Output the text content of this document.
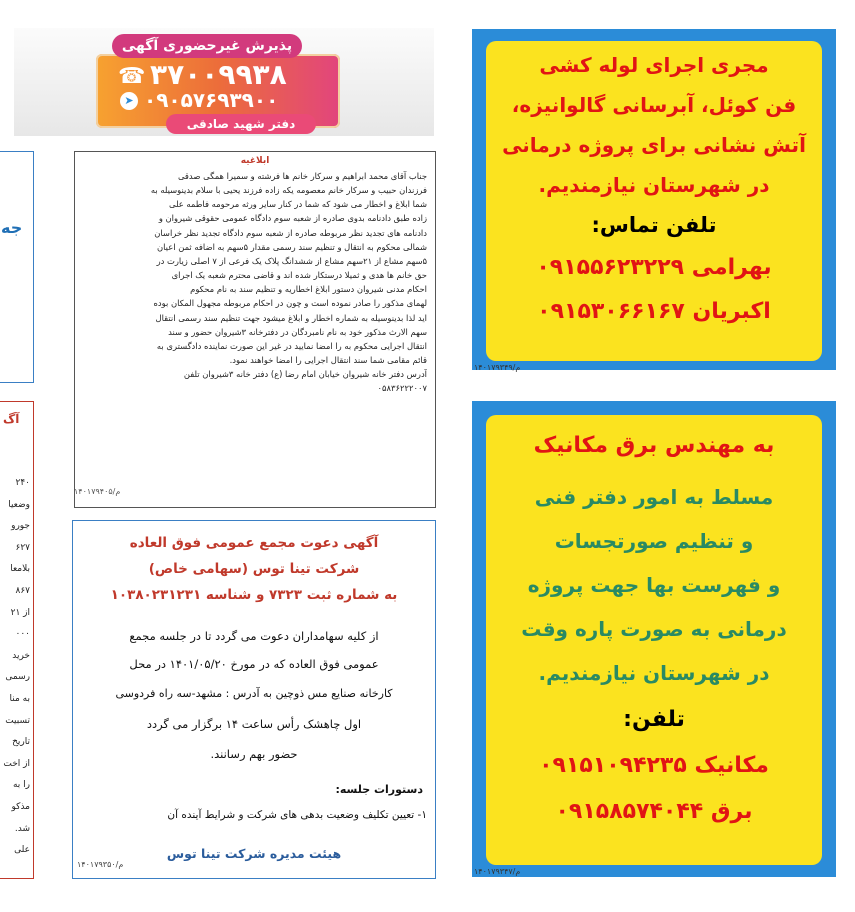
جه
آگ
۲۴۰
وضعیا
جورو
۶۲۷
بلامعا
۸۶۷
از ۲۱
۰۰۰
خرید
رسمی
به منا
تسبیت
تاریخ
از اخت
را به
مذکو
شد.
علی
پذیرش غیرحضوری آگهی
☎ ۳۷۰۰۹۹۳۸
➤ ۰۹۰۵۷۶۹۳۹۰۰
دفتر شهید صادقی
ابلاغیه
جناب آقای محمد ابراهیم و سرکار خانم ها فرشته و سمیرا همگی صدقی
فرزندان حبیب و سرکار خانم معصومه یکه زاده فرزند یحیی با سلام بدینوسیله به
شما ابلاغ و اخطار می شود که شما در کنار سایر ورثه مرحومه فاطمه علی
زاده طبق دادنامه بدوی صادره از شعبه سوم دادگاه عمومی حقوقی شیروان و
دادنامه های تجدید نظر مربوطه صادره از شعبه سوم دادگاه تجدید نظر خراسان
شمالی محکوم به انتقال و تنظیم سند رسمی مقدار ۵سهم به اضافه ثمن اعیان
۵سهم مشاع از ۲۱سهم مشاع از ششدانگ پلاک یک فرعی از ۷ اصلی زیارت در
حق خانم ها هدی و ثمیلا درستکار شده اند و قاضی محترم شعبه یک اجرای
احکام مدنی شیروان دستور ابلاغ اخطاریه و تنظیم سند به نام محکوم
لهمای مذکور را صادر نموده است و چون در احکام مربوطه مجهول المکان بوده
اید لذا بدینوسیله به شماره اخطار و ابلاغ میشود جهت تنظیم سند رسمی انتقال
سهم الارث مذکور خود به نام نامبردگان در دفترخانه ۳شیروان حضور و سند
انتقال اجرایی محکوم به را امضا نمایید در غیر این صورت نماینده دادگستری به
قائم مقامی شما سند انتقال اجرایی را امضا خواهند نمود.
آدرس دفتر خانه شیروان خیابان امام رضا (ع) دفتر خانه ۳شیروان تلفن
۰۵۸۳۶۲۲۲۰۰۷
م/۱۴۰۱۷۹۴۰۵
آگهی دعوت مجمع عمومی فوق العاده
شرکت تینا توس (سهامی خاص)
به شماره ثبت ۷۳۲۳ و شناسه ۱۰۳۸۰۲۳۱۲۳۱
از کلیه سهامداران دعوت می گردد تا در جلسه مجمع
عمومی فوق العاده که در مورخ ۱۴۰۱/۰۵/۲۰ در محل
کارخانه صنایع مس ذوچین به آدرس : مشهد-سه راه فردوسی
اول چاهشک رأس ساعت ۱۴ برگزار می گردد
حضور بهم رسانند.
دستورات جلسه:
۱- تعیین تکلیف وضعیت بدهی های شرکت و شرایط آینده آن
هیئت مدیره شرکت تینا توس
م/۱۴۰۱۷۹۳۵۰
مجری اجرای لوله کشی
فن کوئل، آبرسانی گالوانیزه،
آتش نشانی برای پروژه درمانی
در شهرستان نیازمندیم.
تلفن تماس:
بهرامی ۰۹۱۵۵۶۲۳۲۲۹
اکبریان ۰۹۱۵۳۰۶۶۱۶۷
م/۱۴۰۱۷۹۳۴۹
به مهندس برق مکانیک
مسلط به امور دفتر فنی
و تنظیم صورتجسات
و فهرست بها جهت پروژه
درمانی به صورت پاره وقت
در شهرستان نیازمندیم.
تلفن:
مکانیک ۰۹۱۵۱۰۹۴۲۳۵
برق ۰۹۱۵۸۵۷۴۰۴۴
م/۱۴۰۱۷۹۳۴۷
